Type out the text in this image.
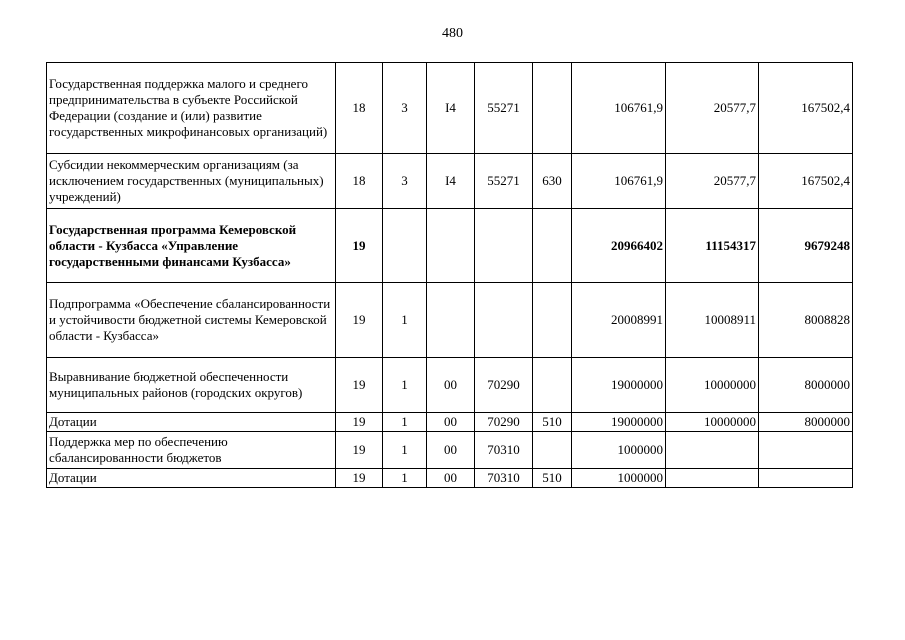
480
Государственная поддержка малого и среднего предпринимательства в субъекте Российской Федерации (создание и (или) развитие государственных микрофинансовых организаций)	18	3	I4	55271		106761,9	20577,7	167502,4
Субсидии некоммерческим организациям (за исключением государственных (муниципальных) учреждений)	18	3	I4	55271	630	106761,9	20577,7	167502,4
Государственная программа Кемеровской области - Кузбасса «Управление государственными финансами Кузбасса»	19					20966402	11154317	9679248
Подпрограмма «Обеспечение сбалансированности и устойчивости бюджетной системы Кемеровской области - Кузбасса»	19	1				20008991	10008911	8008828
Выравнивание бюджетной обеспеченности муниципальных районов (городских округов)	19	1	00	70290		19000000	10000000	8000000
Дотации	19	1	00	70290	510	19000000	10000000	8000000
Поддержка мер по обеспечению сбалансированности бюджетов	19	1	00	70310		1000000		
Дотации	19	1	00	70310	510	1000000		
